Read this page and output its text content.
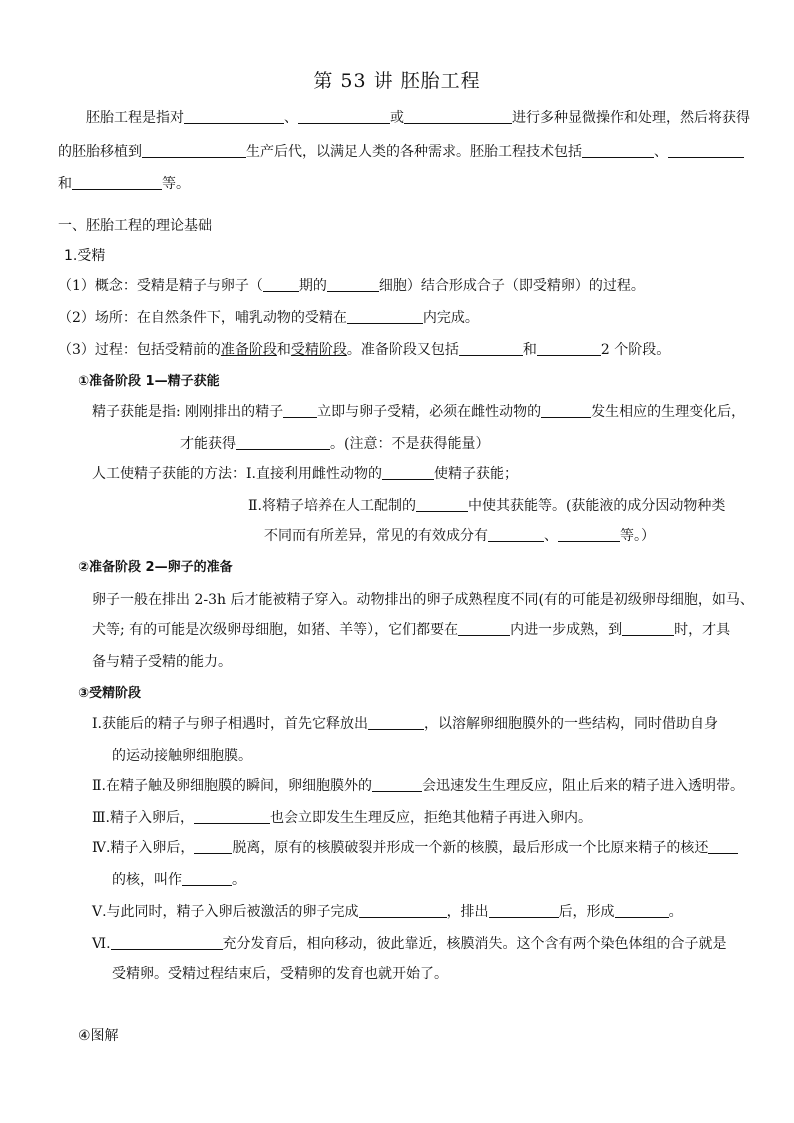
第 53 讲 胚胎工程
胚胎工程是指对	、	或	进行多种显微操作和处理，然后将获得
的胚胎移植到	生产后代，以满足人类的各种需求。胚胎工程技术包括	、
和	等。
一、胚胎工程的理论基础
1.受精
（1）概念：受精是精子与卵子（	期的	细胞）结合形成合子（即受精卵）的过程。
（2）场所：在自然条件下，哺乳动物的受精在	内完成。
（3）过程：包括受精前的准备阶段和受精阶段。准备阶段又包括	和	2 个阶段。
①准备阶段 1—精子获能
精子获能是指: 刚刚排出的精子 立即与卵子受精，必须在雌性动物的	发生相应的生理变化后，
才能获得	。(注意：不是获得能量）
人工使精子获能的方法：Ⅰ.直接利用雌性动物的	使精子获能；
Ⅱ.将精子培养在人工配制的	中使其获能等。(获能液的成分因动物种类
不同而有所差异，常见的有效成分有	、	等。）
②准备阶段 2—卵子的准备
卵子一般在排出 2-3h 后才能被精子穿入。动物排出的卵子成熟程度不同(有的可能是初级卵母细胞，如马、
犬等; 有的可能是次级卵母细胞，如猪、羊等），它们都要在	内进一步成熟，到	时，才具
备与精子受精的能力。
③受精阶段
Ⅰ.获能后的精子与卵子相遇时，首先它释放出	，以溶解卵细胞膜外的一些结构，同时借助自身
的运动接触卵细胞膜。
Ⅱ.在精子触及卵细胞膜的瞬间，卵细胞膜外的	会迅速发生生理反应，阻止后来的精子进入透明带。
Ⅲ.精子入卵后，	也会立即发生生理反应，拒绝其他精子再进入卵内。
Ⅳ.精子入卵后，	脱离，原有的核膜破裂并形成一个新的核膜，最后形成一个比原来精子的核还
的核，叫作	。
Ⅴ.与此同时，精子入卵后被激活的卵子完成	，排出	后，形成	。
Ⅵ.	充分发育后，相向移动，彼此靠近，核膜消失。这个含有两个染色体组的合子就是
受精卵。受精过程结束后，受精卵的发育也就开始了。
④图解
